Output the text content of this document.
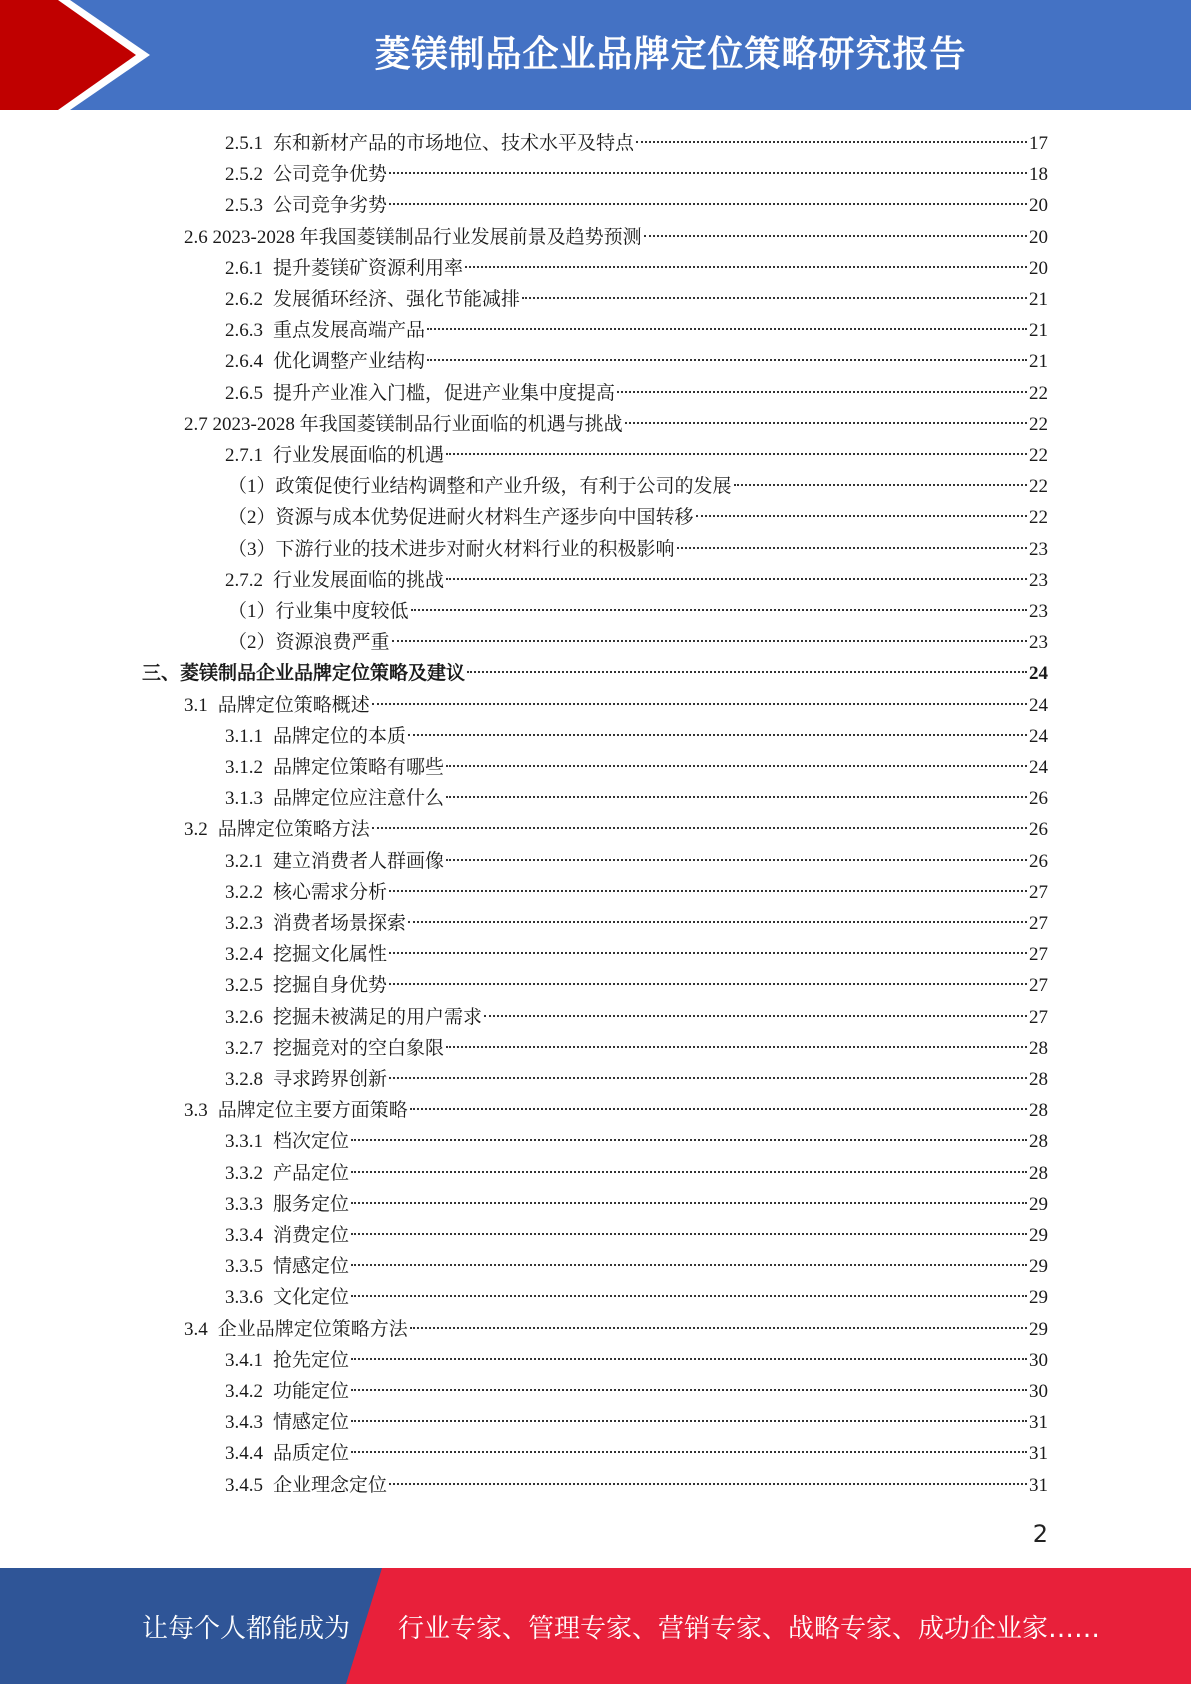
菱镁制品企业品牌定位策略研究报告
2.5.1 东和新材产品的市场地位、技术水平及特点	17
2.5.2 公司竞争优势	18
2.5.3 公司竞争劣势	20
2.6 2023-2028 年我国菱镁制品行业发展前景及趋势预测	20
2.6.1 提升菱镁矿资源利用率	20
2.6.2 发展循环经济、强化节能减排	21
2.6.3 重点发展高端产品	21
2.6.4 优化调整产业结构	21
2.6.5 提升产业准入门槛，促进产业集中度提高	22
2.7 2023-2028 年我国菱镁制品行业面临的机遇与挑战	22
2.7.1 行业发展面临的机遇	22
（1）政策促使行业结构调整和产业升级，有利于公司的发展	22
（2）资源与成本优势促进耐火材料生产逐步向中国转移	22
（3）下游行业的技术进步对耐火材料行业的积极影响	23
2.7.2 行业发展面临的挑战	23
（1）行业集中度较低	23
（2）资源浪费严重	23
三、菱镁制品企业品牌定位策略及建议	24
3.1 品牌定位策略概述	24
3.1.1 品牌定位的本质	24
3.1.2 品牌定位策略有哪些	24
3.1.3 品牌定位应注意什么	26
3.2 品牌定位策略方法	26
3.2.1 建立消费者人群画像	26
3.2.2 核心需求分析	27
3.2.3 消费者场景探索	27
3.2.4 挖掘文化属性	27
3.2.5 挖掘自身优势	27
3.2.6 挖掘未被满足的用户需求	27
3.2.7 挖掘竞对的空白象限	28
3.2.8 寻求跨界创新	28
3.3 品牌定位主要方面策略	28
3.3.1 档次定位	28
3.3.2 产品定位	28
3.3.3 服务定位	29
3.3.4 消费定位	29
3.3.5 情感定位	29
3.3.6 文化定位	29
3.4 企业品牌定位策略方法	29
3.4.1 抢先定位	30
3.4.2 功能定位	30
3.4.3 情感定位	31
3.4.4 品质定位	31
3.4.5 企业理念定位	31
2
让每个人都能成为 行业专家、管理专家、营销专家、战略专家、成功企业家……
